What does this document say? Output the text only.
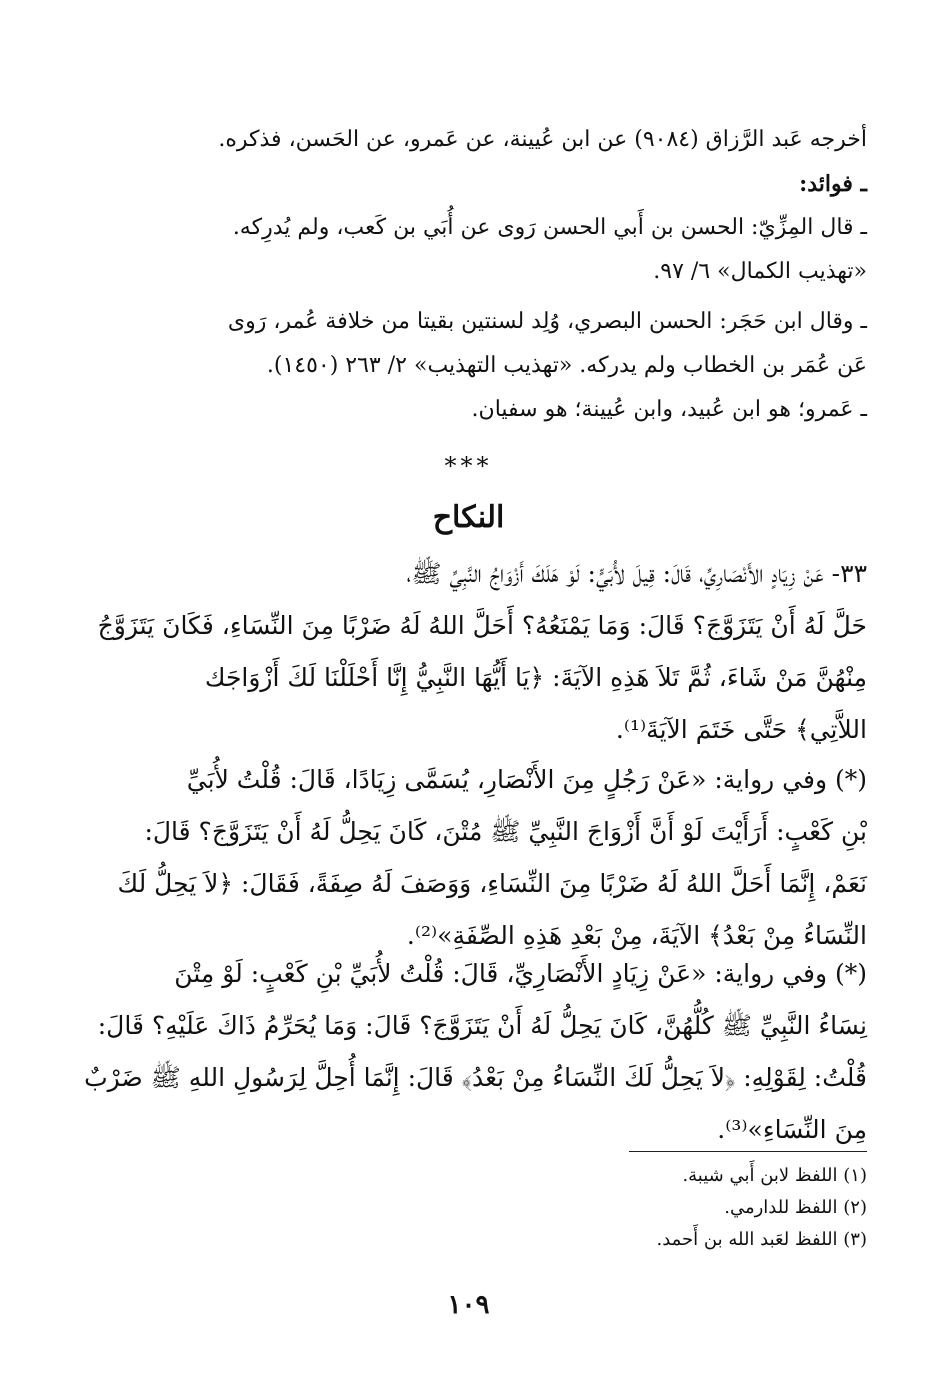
أخرجه عَبد الرَّزاق (٩٠٨٤) عن ابن عُيينة، عن عَمرو، عن الحَسن، فذكره.
ـ فوائد:
ـ قال المِزِّيّ: الحسن بن أَبي الحسن رَوى عن أُبَي بن كَعب، ولم يُدرِكه.
«تهذيب الكمال» ٦/ ٩٧.
ـ وقال ابن حَجَر: الحسن البصري، وُلِد لسنتين بقيتا من خلافة عُمر، رَوى
عَن عُمَر بن الخطاب ولم يدركه. «تهذيب التهذيب» ٢/ ٢٦٣ (١٤٥٠).
ـ عَمرو؛ هو ابن عُبيد، وابن عُيينة؛ هو سفيان.
***
النكاح
٣٣- عَنْ زِيَادٍ الأَنْصَارِيِّ، قَالَ: قِيلَ لأُبَيٍّ: لَوْ هَلَكَ أَزْوَاجُ النَّبِيِّ ﷺ،
حَلَّ لَهُ أَنْ يَتَزَوَّجَ؟ قَالَ: وَمَا يَمْنَعُهُ؟ أَحَلَّ اللهُ لَهُ ضَرْبًا مِنَ النِّسَاءِ، فَكَانَ يَتَزَوَّجُ
مِنْهُنَّ مَنْ شَاءَ، ثُمَّ تَلاَ هَذِهِ الآيَةَ: ﴿يَا أَيُّهَا النَّبِيُّ إِنَّا أَحْلَلْنَا لَكَ أَزْوَاجَك
اللاَّتِي﴾ حَتَّى خَتَمَ الآيَةَ⁽¹⁾.
(*) وفي رواية: «عَنْ رَجُلٍ مِنَ الأَنْصَارِ، يُسَمَّى زِيَادًا، قَالَ: قُلْتُ لأُبَيِّ
بْنِ كَعْبٍ: أَرَأَيْتَ لَوْ أَنَّ أَزْوَاجَ النَّبِيِّ ﷺ مُتْنَ، كَانَ يَحِلُّ لَهُ أَنْ يَتَزَوَّجَ؟ قَالَ:
نَعَمْ، إِنَّمَا أَحَلَّ اللهُ لَهُ ضَرْبًا مِنَ النِّسَاءِ، وَوَصَفَ لَهُ صِفَةً، فَقَالَ: ﴿لاَ يَحِلُّ لَكَ
النِّسَاءُ مِنْ بَعْدُ﴾ الآيَةَ، مِنْ بَعْدِ هَذِهِ الصِّفَةِ»⁽²⁾.
(*) وفي رواية: «عَنْ زِيَادٍ الأَنْصَارِيِّ، قَالَ: قُلْتُ لأُبَيِّ بْنِ كَعْبٍ: لَوْ مِتْنَ
نِسَاءُ النَّبِيِّ ﷺ كُلُّهُنَّ، كَانَ يَحِلُّ لَهُ أَنْ يَتَزَوَّجَ؟ قَالَ: وَمَا يُحَرِّمُ ذَاكَ عَلَيْهِ؟ قَالَ:
قُلْتُ: لِقَوْلِهِ: ﴿لاَ يَحِلُّ لَكَ النِّسَاءُ مِنْ بَعْدُ﴾ قَالَ: إِنَّمَا أُحِلَّ لِرَسُولِ اللهِ ﷺ ضَرْبٌ
مِنَ النِّسَاءِ»⁽³⁾.
(١) اللفظ لابن أَبي شيبة.
(٢) اللفظ للدارمي.
(٣) اللفظ لعَبد الله بن أَحمد.
١٠٩
